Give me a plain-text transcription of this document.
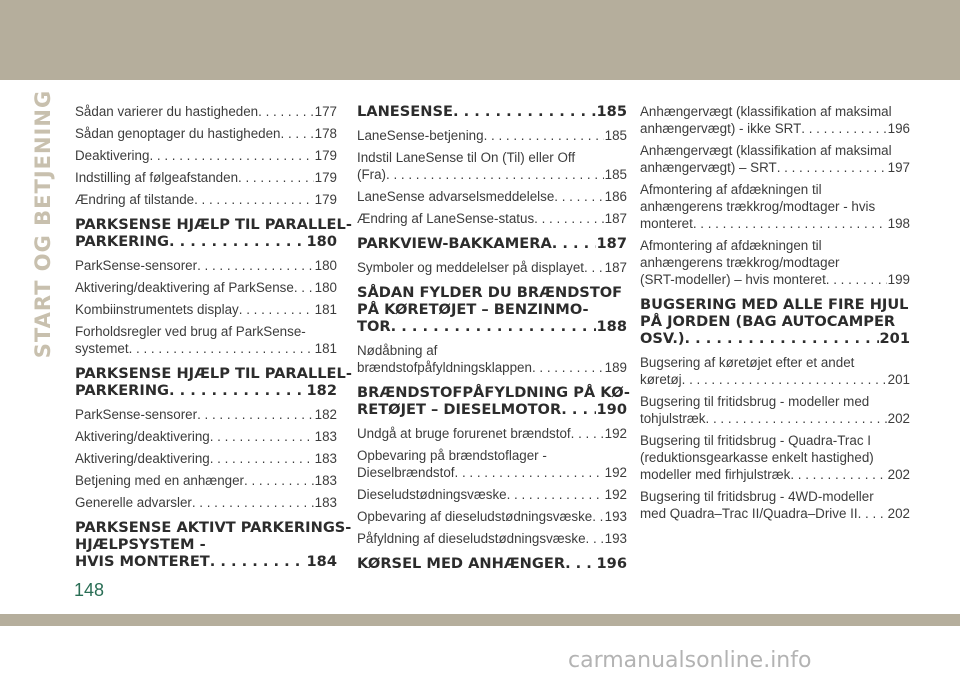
START OG BETJENING Sådan varierer du hastigheden . . .	177
Sådan genoptager du hastigheden . . .	178
Deaktivering . . .	179
Indstilling af følgeafstanden . . .	179
Ændring af tilstande . . .	179
PARKSENSE HJÆLP TIL PARALLEL-
PARKERING . . .	180
ParkSense-sensorer . . .	180
Aktivering/deaktivering af ParkSense . . . 180
Kombiinstrumentets display . . .	181
Forholdsregler ved brug af ParkSense-
systemet . . .	181
PARKSENSE HJÆLP TIL PARALLEL-
PARKERING . . .	182
ParkSense-sensorer . . .	182
Aktivering/deaktivering . . .	183
Aktivering/deaktivering . . .	183
Betjening med en anhænger . . .	183
Generelle advarsler . . .	183
PARKSENSE AKTIVT PARKERINGS-
HJÆLPSYSTEM -
HVIS MONTERET . . .	184
LANESENSE . . .	185
LaneSense-betjening . . .	185
Indstil LaneSense til On (Til) eller Off
(Fra) . . .	185
LaneSense advarselsmeddelelse . . .	186
Ændring af LaneSense-status . . .	187
PARKVIEW-BAKKAMERA . . .	187
Symboler og meddelelser på displayet . . . 187
SÅDAN FYLDER DU BRÆNDSTOF
PÅ KØRETØJET – BENZINMO-
TOR . . .	188
Nødåbning af
brændstofpåfyldningsklappen . . .	189
BRÆNDSTOFPÅFYLDNING PÅ KØ-
RETØJET – DIESELMOTOR . . . 190
Undgå at bruge forurenet brændstof . . .	192
Opbevaring på brændstoflager -
Dieselbrændstof . . .	192
Dieseludstødningsvæske . . .	192
Opbevaring af dieseludstødningsvæske . . . 193
Påfyldning af dieseludstødningsvæske . . . 193
KØRSEL MED ANHÆNGER . . . 196
Anhængervægt (klassifikation af maksimal
anhængervægt) - ikke SRT . . .	196
Anhængervægt (klassifikation af maksimal
anhængervægt) – SRT . . .	197
Afmontering af afdækningen til
anhængerens trækkrog/modtager - hvis
monteret . . .	198
Afmontering af afdækningen til
anhængerens trækkrog/modtager
(SRT-modeller) – hvis monteret . . .	199
BUGSERING MED ALLE FIRE HJUL
PÅ JORDEN (BAG AUTOCAMPER
OSV.) . . .	201
Bugsering af køretøjet efter et andet
køretøj . . .	201
Bugsering til fritidsbrug - modeller med
tohjulstræk . . .	202
Bugsering til fritidsbrug - Quadra-Trac I
(reduktionsgearkasse enkelt hastighed)
modeller med firhjulstræk . . .	202
Bugsering til fritidsbrug - 4WD-modeller
med Quadra–Trac II/Quadra–Drive II . . . 202
148
carmanualsonline.info
